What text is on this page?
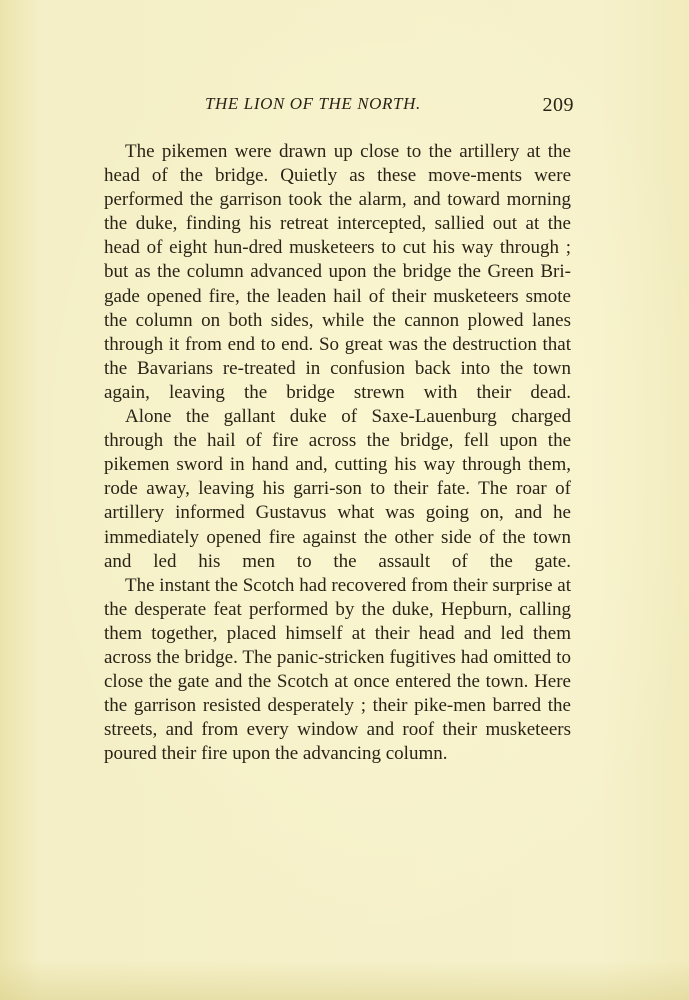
THE LION OF THE NORTH.	209

The pikemen were drawn up close to the artillery at the head of the bridge. Quietly as these move-ments were performed the garrison took the alarm, and toward morning the duke, finding his retreat intercepted, sallied out at the head of eight hun-dred musketeers to cut his way through ; but as the column advanced upon the bridge the Green Bri-gade opened fire, the leaden hail of their musketeers smote the column on both sides, while the cannon plowed lanes through it from end to end. So great was the destruction that the Bavarians re-treated in confusion back into the town again, leaving the bridge strewn with their dead.

Alone the gallant duke of Saxe-Lauenburg charged through the hail of fire across the bridge, fell upon the pikemen sword in hand and, cutting his way through them, rode away, leaving his garri-son to their fate. The roar of artillery informed Gustavus what was going on, and he immediately opened fire against the other side of the town and led his men to the assault of the gate.

The instant the Scotch had recovered from their surprise at the desperate feat performed by the duke, Hepburn, calling them together, placed himself at their head and led them across the bridge. The panic-stricken fugitives had omitted to close the gate and the Scotch at once entered the town. Here the garrison resisted desperately ; their pike-men barred the streets, and from every window and roof their musketeers poured their fire upon the advancing column.
